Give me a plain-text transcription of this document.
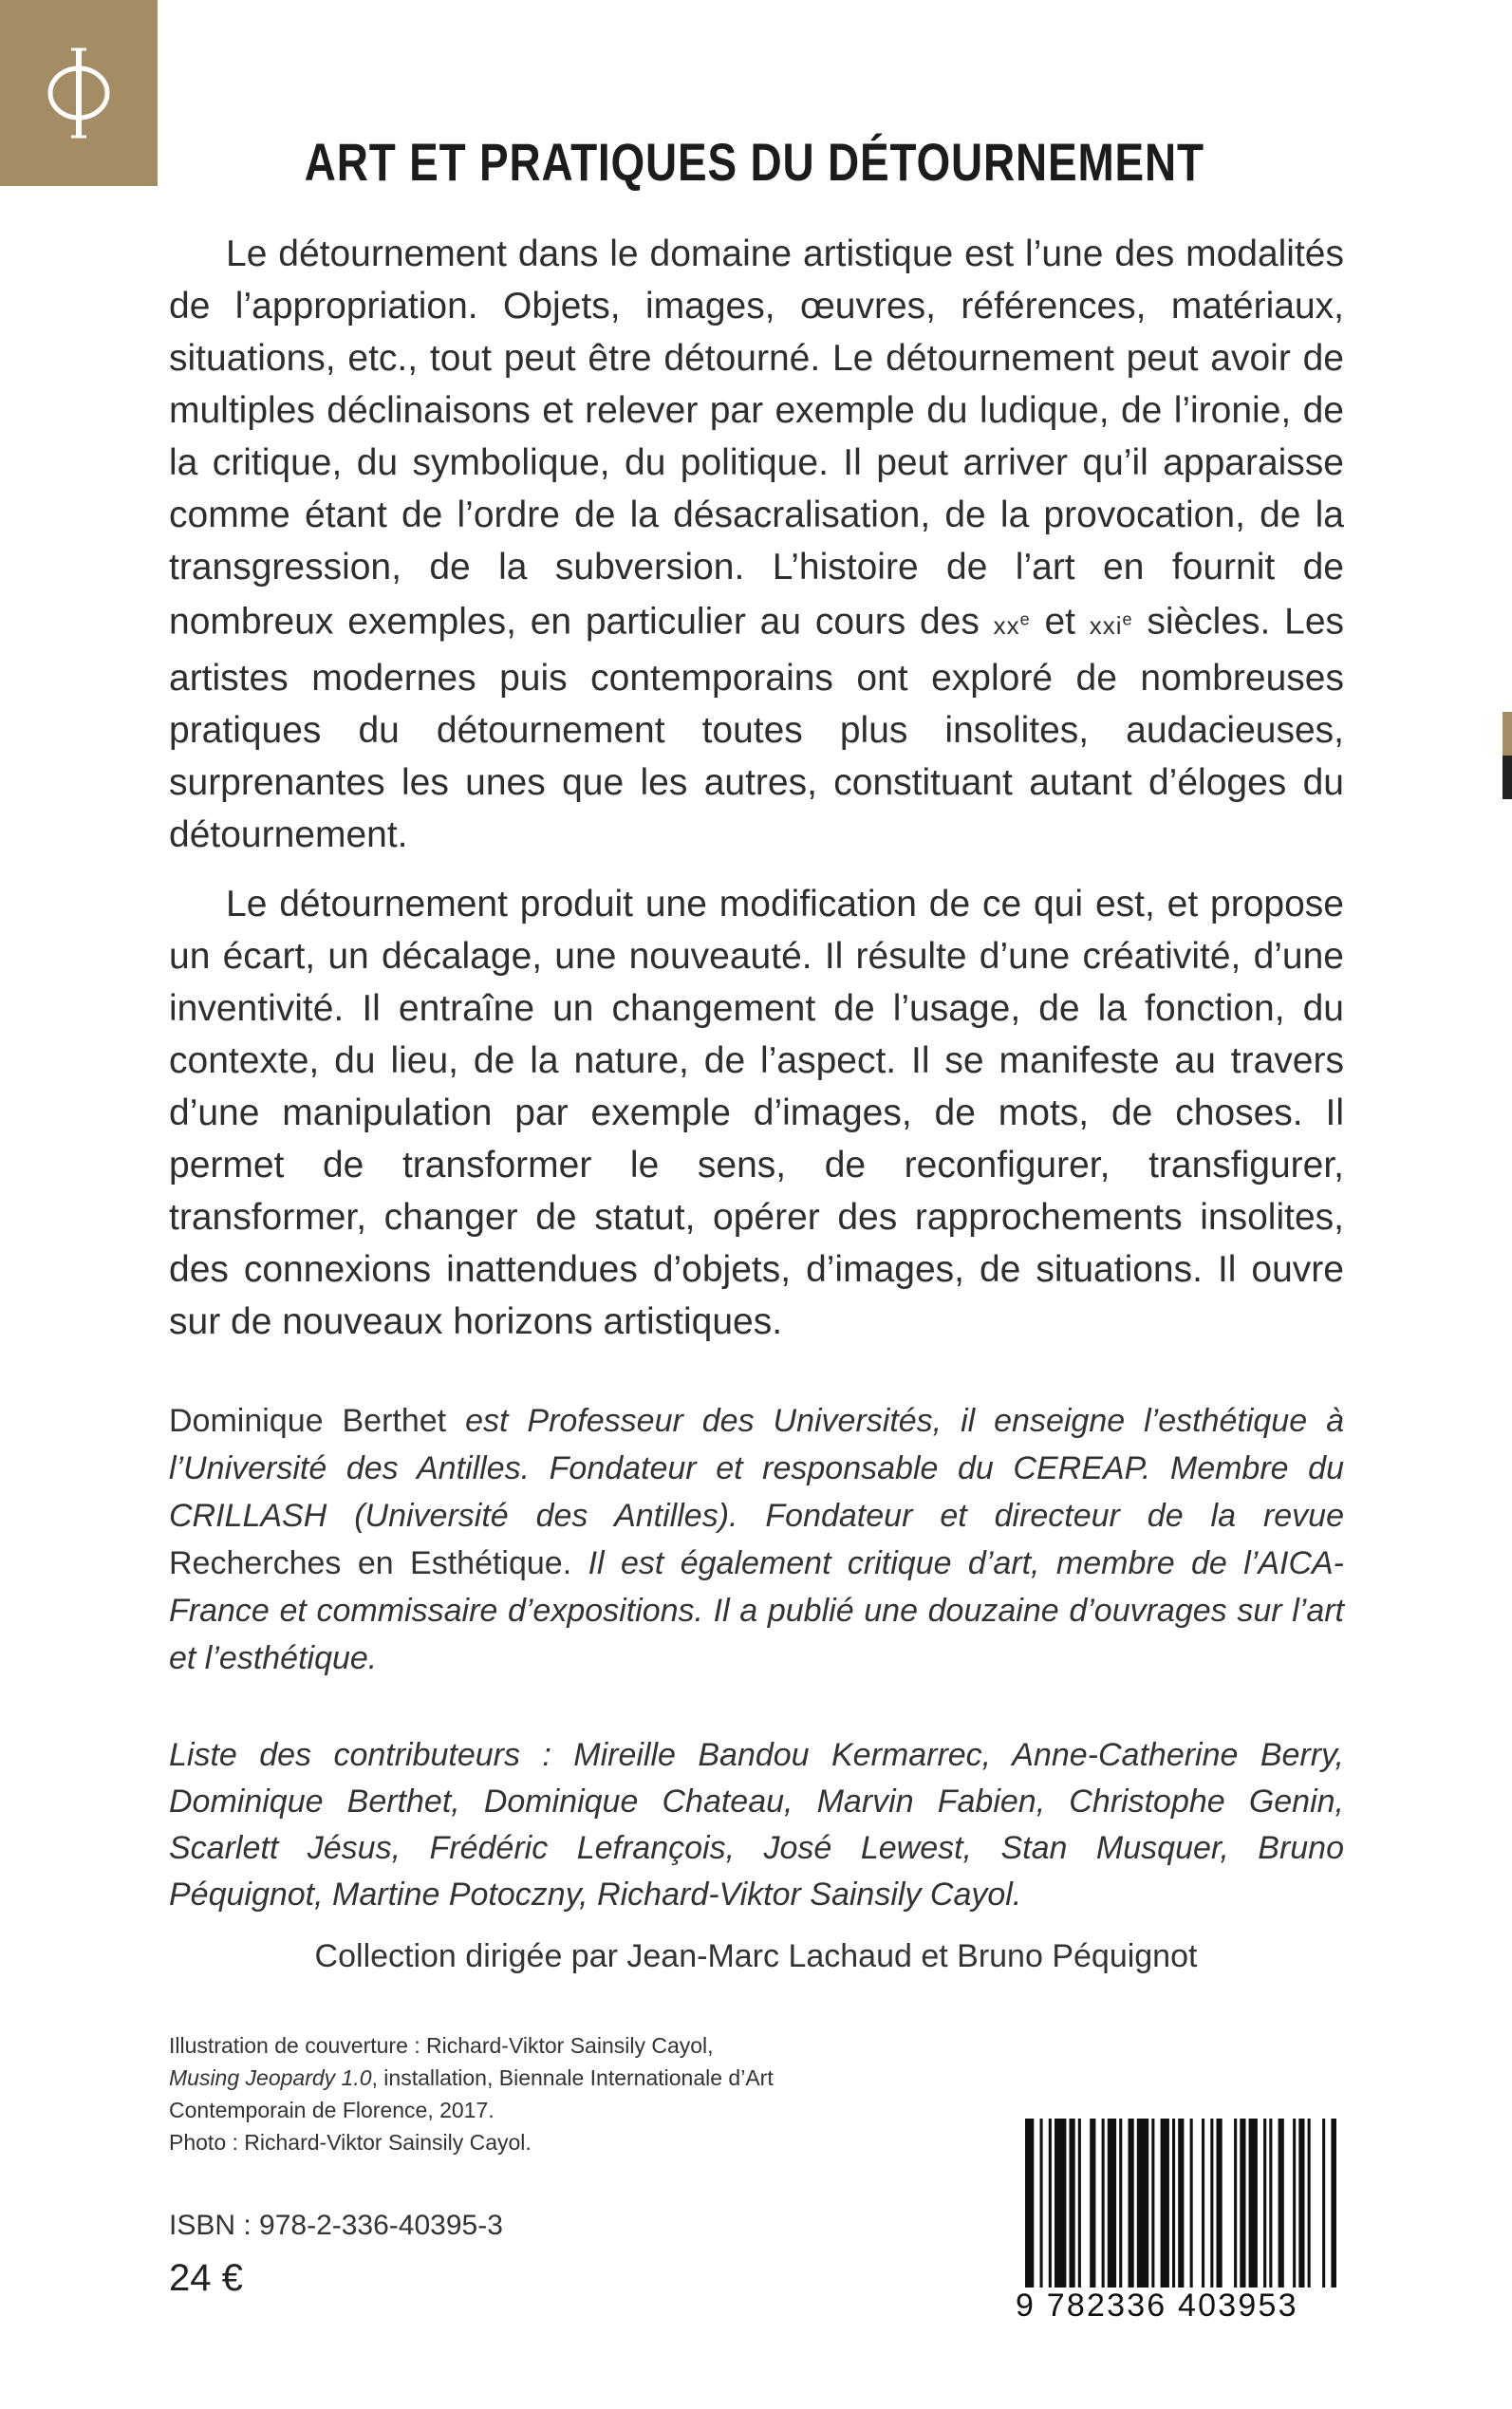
ART ET PRATIQUES DU DÉTOURNEMENT

Le détournement dans le domaine artistique est l’une des modalités de l’appropriation. Objets, images, œuvres, références, matériaux, situations, etc., tout peut être détourné. Le détournement peut avoir de multiples déclinaisons et relever par exemple du ludique, de l’ironie, de la critique, du symbolique, du politique. Il peut arriver qu’il apparaisse comme étant de l’ordre de la désacralisation, de la provocation, de la transgression, de la subversion. L’histoire de l’art en fournit de nombreux exemples, en particulier au cours des $xx^e$ et xxi$^e$ siècles. Les artistes modernes puis contemporains ont exploré de nombreuses pratiques du détournement toutes plus insolites, audacieuses, surprenantes les unes que les autres, constituant autant d’éloges du détournement.

Le détournement produit une modification de ce qui est, et propose un écart, un décalage, une nouveauté. Il résulte d’une créativité, d’une inventivité. Il entraîne un changement de l’usage, de la fonction, du contexte, du lieu, de la nature, de l’aspect. Il se manifeste au travers d’une manipulation par exemple d’images, de mots, de choses. Il permet de transformer le sens, de reconfigurer, transfigurer, transformer, changer de statut, opérer des rapprochements insolites, des connexions inattendues d’objets, d’images, de situations. Il ouvre sur de nouveaux horizons artistiques.

Dominique Berthet est Professeur des Universités, il enseigne l’esthétique à l’Université des Antilles. Fondateur et responsable du CEREAP. Membre du CRILLASH (Université des Antilles). Fondateur et directeur de la revue Recherches en Esthétique. Il est également critique d’art, membre de l’AICA-France et commissaire d’expositions. Il a publié une douzaine d’ouvrages sur l’art et l’esthétique.
Liste des contributeurs : Mireille Bandou Kermarrec, Anne-Catherine Berry, Dominique Berthet, Dominique Chateau, Marvin Fabien, Christophe Genin, Scarlett Jésus, Frédéric Lefrançois, José Lewest, Stan Musquer, Bruno Péquignot, Martine Potoczny, Richard-Viktor Sainsily Cayol.
Collection dirigée par Jean-Marc Lachaud et Bruno Péquignot
Illustration de couverture : Richard-Viktor Sainsily Cayol,
Musing Jeopardy 1.0, installation, Biennale Internationale d’Art Contemporain de Florence, 2017.
Photo : Richard-Viktor Sainsily Cayol.
ISBN : 978-2-336-40395-3
24 €
9 782336 403953
